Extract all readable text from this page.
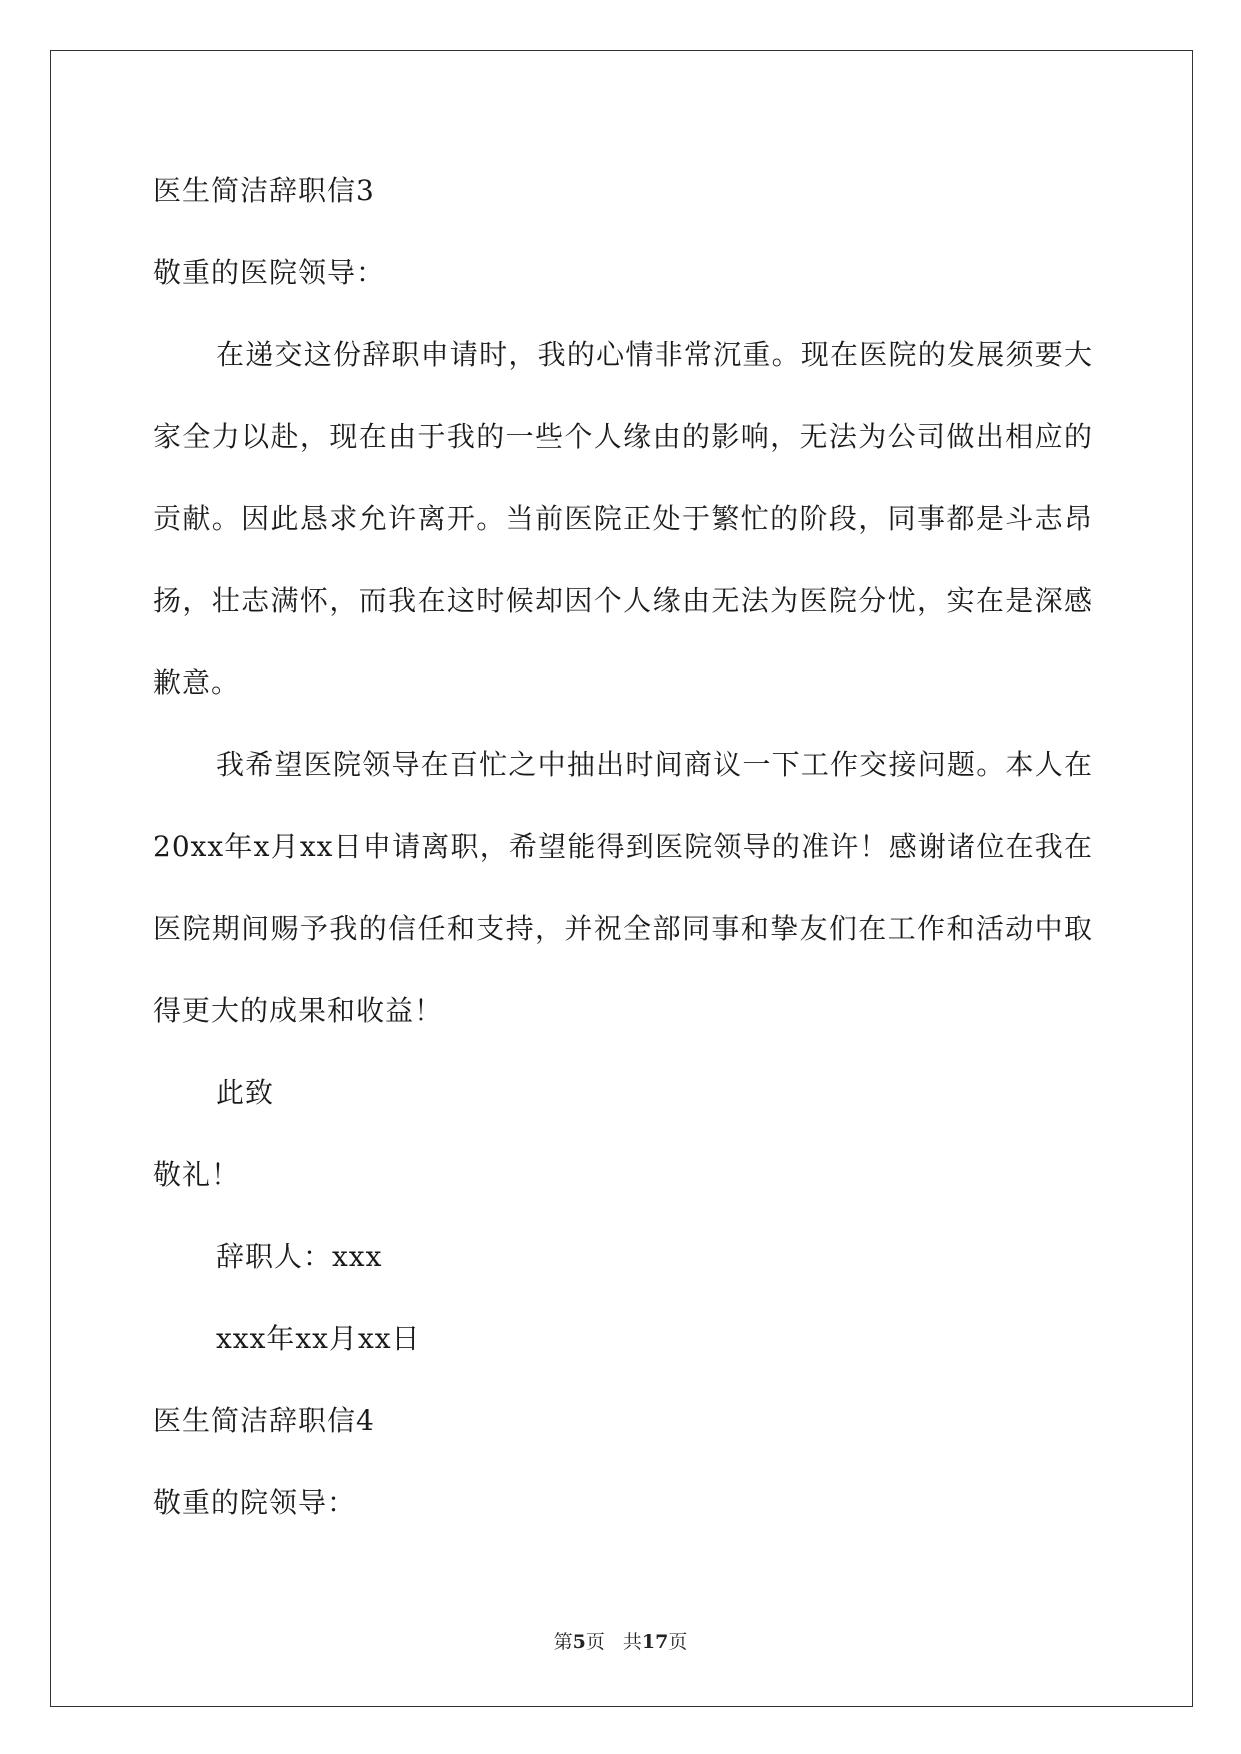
医生简洁辞职信3
敬重的医院领导：
在递交这份辞职申请时，我的心情非常沉重。现在医院的发展须要大家全力以赴，现在由于我的一些个人缘由的影响，无法为公司做出相应的贡献。因此恳求允许离开。当前医院正处于繁忙的阶段，同事都是斗志昂扬，壮志满怀，而我在这时候却因个人缘由无法为医院分忧，实在是深感歉意。
我希望医院领导在百忙之中抽出时间商议一下工作交接问题。本人在20xx年x月xx日申请离职，希望能得到医院领导的准许！感谢诸位在我在医院期间赐予我的信任和支持，并祝全部同事和挚友们在工作和活动中取得更大的成果和收益！
此致
敬礼！
辞职人：xxx
xxx年xx月xx日
医生简洁辞职信4
敬重的院领导：
第5页 共17页
